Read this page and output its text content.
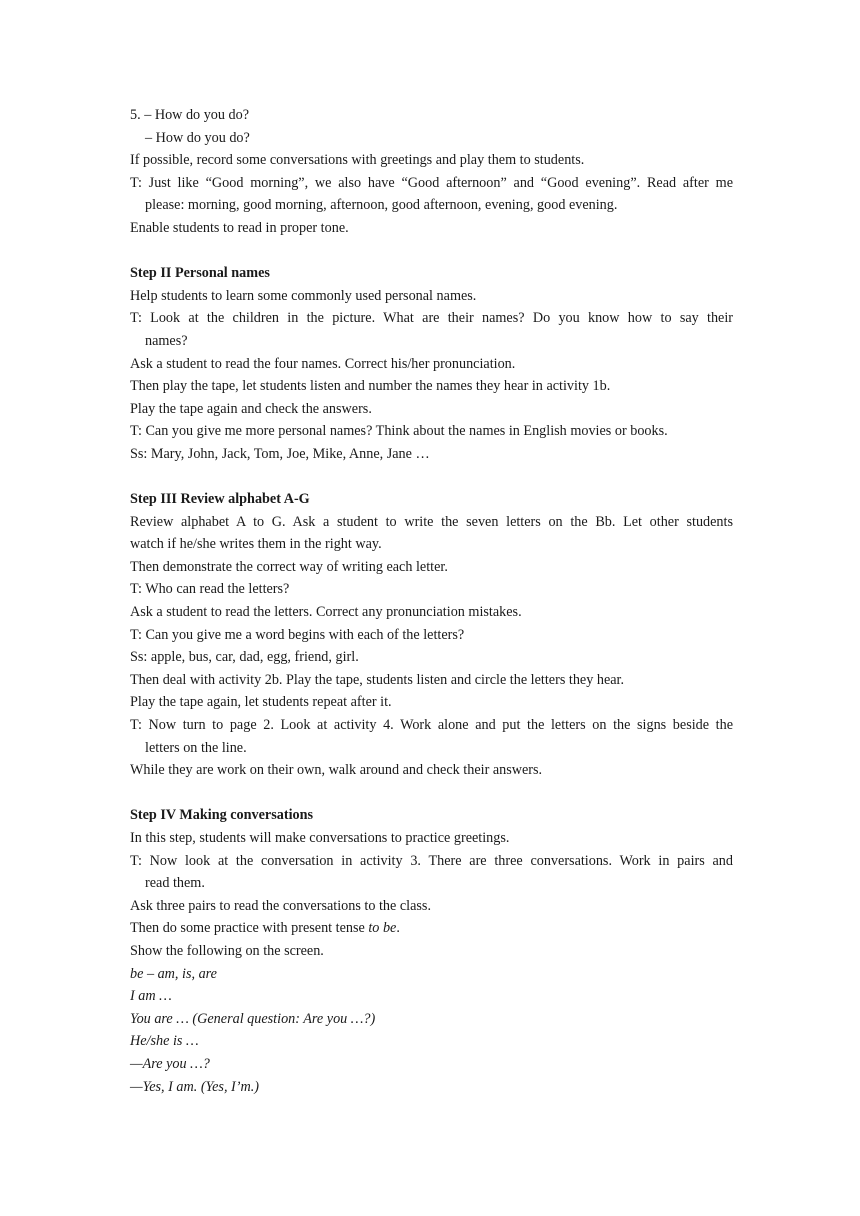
5. – How do you do?
– How do you do?
If possible, record some conversations with greetings and play them to students.
T: Just like “Good morning”, we also have “Good afternoon” and “Good evening”. Read after me
please: morning, good morning, afternoon, good afternoon, evening, good evening.
Enable students to read in proper tone.
Step II Personal names
Help students to learn some commonly used personal names.
T: Look at the children in the picture. What are their names? Do you know how to say their
names?
Ask a student to read the four names. Correct his/her pronunciation.
Then play the tape, let students listen and number the names they hear in activity 1b.
Play the tape again and check the answers.
T: Can you give me more personal names? Think about the names in English movies or books.
Ss: Mary, John, Jack, Tom, Joe, Mike, Anne, Jane …
Step III Review alphabet A-G
Review alphabet A to G. Ask a student to write the seven letters on the Bb. Let other students
watch if he/she writes them in the right way.
Then demonstrate the correct way of writing each letter.
T: Who can read the letters?
Ask a student to read the letters. Correct any pronunciation mistakes.
T: Can you give me a word begins with each of the letters?
Ss: apple, bus, car, dad, egg, friend, girl.
Then deal with activity 2b. Play the tape, students listen and circle the letters they hear.
Play the tape again, let students repeat after it.
T: Now turn to page 2. Look at activity 4. Work alone and put the letters on the signs beside the
letters on the line.
While they are work on their own, walk around and check their answers.
Step IV Making conversations
In this step, students will make conversations to practice greetings.
T: Now look at the conversation in activity 3. There are three conversations. Work in pairs and
read them.
Ask three pairs to read the conversations to the class.
Then do some practice with present tense to be.
Show the following on the screen.
be – am, is, are
I am …
You are … (General question: Are you …?)
He/she is …
—Are you …?
—Yes, I am. (Yes, I’m.)
